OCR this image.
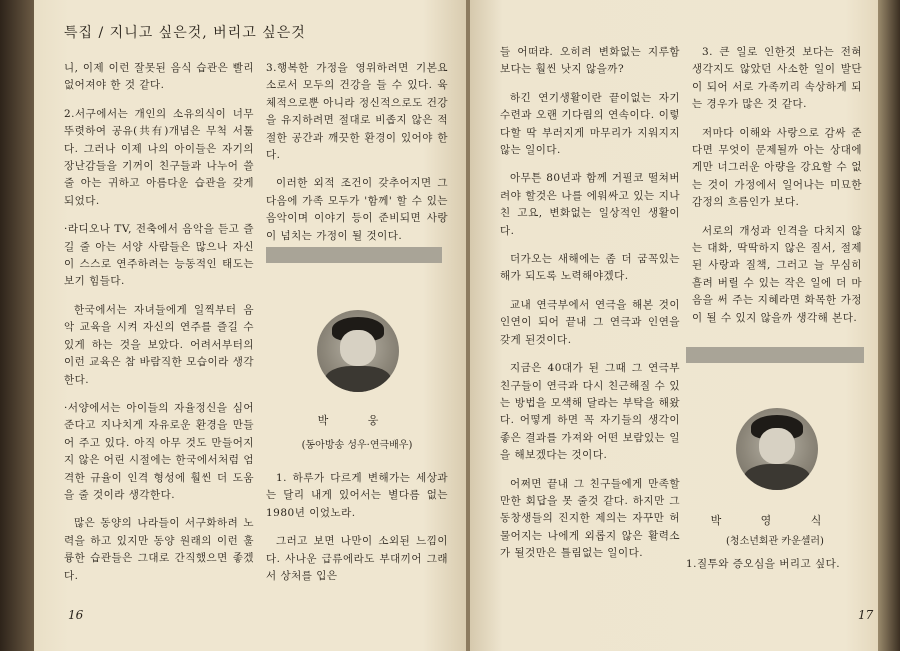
특집 / 지니고 싶은것, 버리고 싶은것

니, 이제 이런 잘못된 음식 습관은 빨리 없어져야 한 것 같다.

2.서구에서는 개인의 소유의식이 너무 뚜렷하여 공유(共有)개념은 무척 서툴다. 그러나 이제 나의 아이들은 자기의 장난감들을 기꺼이 친구들과 나누어 쓸 줄 아는 귀하고 아름다운 습관을 갖게 되었다.

·라디오나 TV, 전축에서 음악을 듣고 즐길 줄 아는 서양 사람들은 많으나 자신이 스스로 연주하려는 능동적인 태도는 보기 힘들다.

한국에서는 자녀들에게 일찍부터 음악 교육을 시켜 자신의 연주를 즐길 수 있게 하는 것을 보았다. 어려서부터의 이런 교육은 참 바람직한 모습이라 생각한다.

·서양에서는 아이들의 자율정신을 심어 준다고 지나치게 자유로운 환경을 만들어 주고 있다. 아직 아무 것도 만들어지지 않은 어린 시절에는 한국에서처럼 엄격한 규율이 인격 형성에 훨씬 더 도움을 줄 것이라 생각한다.

많은 동양의 나라들이 서구화하려 노력을 하고 있지만 동양 원래의 이런 훌륭한 습관들은 그대로 간직했으면 좋겠다.

3.행복한 가정을 영위하려면 기본요소로서 모두의 건강을 들 수 있다. 육체적으로뿐 아니라 정신적으로도 건강을 유지하려면 절대로 비좁지 않은 적절한 공간과 깨끗한 환경이 있어야 한다.

이러한 외적 조건이 갖추어지면 그 다음에 가족 모두가 '함께' 할 수 있는 음악이며 이야기 등이 준비되면 사랑이 넘치는 가정이 될 것이다.

박 웅
(동아방송 성우·연극배우)

1. 하루가 다르게 변해가는 세상과는 달리 내게 있어서는 별다름 없는 1980년 이었노라.

그러고 보면 나만이 소외된 느낌이다. 사나운 급류에라도 부대끼어 그래서 상처를 입은

16

들 어떠랴. 오히려 변화없는 지루함 보다는 훨씬 낫지 않을까?

하긴 연기생활이란 끝이없는 자기수련과 오랜 기다림의 연속이다. 이렇다할 딱 부러지게 마무리가 지워지지 않는 일이다.

아무튼 80년과 함께 거필코 떨쳐버려야 할것은 나를 에워싸고 있는 지나친 고요, 변화없는 일상적인 생활이다.

더가오는 새해에는 좀 더 굼꼭있는 해가 되도록 노력해야겠다.

교내 연극부에서 연극을 해본 것이 인연이 되어 끝내 그 연극과 인연을 갖게 된것이다.

지금은 40대가 된 그때 그 연극부 친구들이 연극과 다시 친근해질 수 있는 방법을 모색해 달라는 부탁을 해왔다. 어떻게 하면 꼭 자기들의 생각이 좋은 결과를 가져와 어떤 보람있는 일을 해보겠다는 것이다.

어쩌면 끝내 그 친구들에게 만족할만한 회답을 못 줄것 같다. 하지만 그 동창생들의 진지한 제의는 자꾸만 허물어지는 나에게 외롭지 않은 활력소가 될것만은 틀림없는 일이다.

3. 큰 일로 인한것 보다는 전혀 생각지도 않았던 사소한 일이 발단이 되어 서로 가족끼리 속상하게 되는 경우가 많은 것 같다.

저마다 이해와 사랑으로 감싸 준다면 무엇이 문제될까 아는 상대에게만 너그러운 아량을 강요할 수 없는 것이 가정에서 일어나는 미묘한 감정의 흐름인가 보다.

서로의 개성과 인격을 다치지 않는 대화, 딱딱하지 않은 질서, 절제된 사랑과 질책, 그러고 늘 무심히 흘려 버릴 수 있는 작은 일에 더 마음을 써 주는 지혜라면 화목한 가정이 될 수 있지 않을까 생각해 본다.

박 영 식
(청소년회관 카운셀러)

1.질투와 증오심을 버리고 싶다.

17
